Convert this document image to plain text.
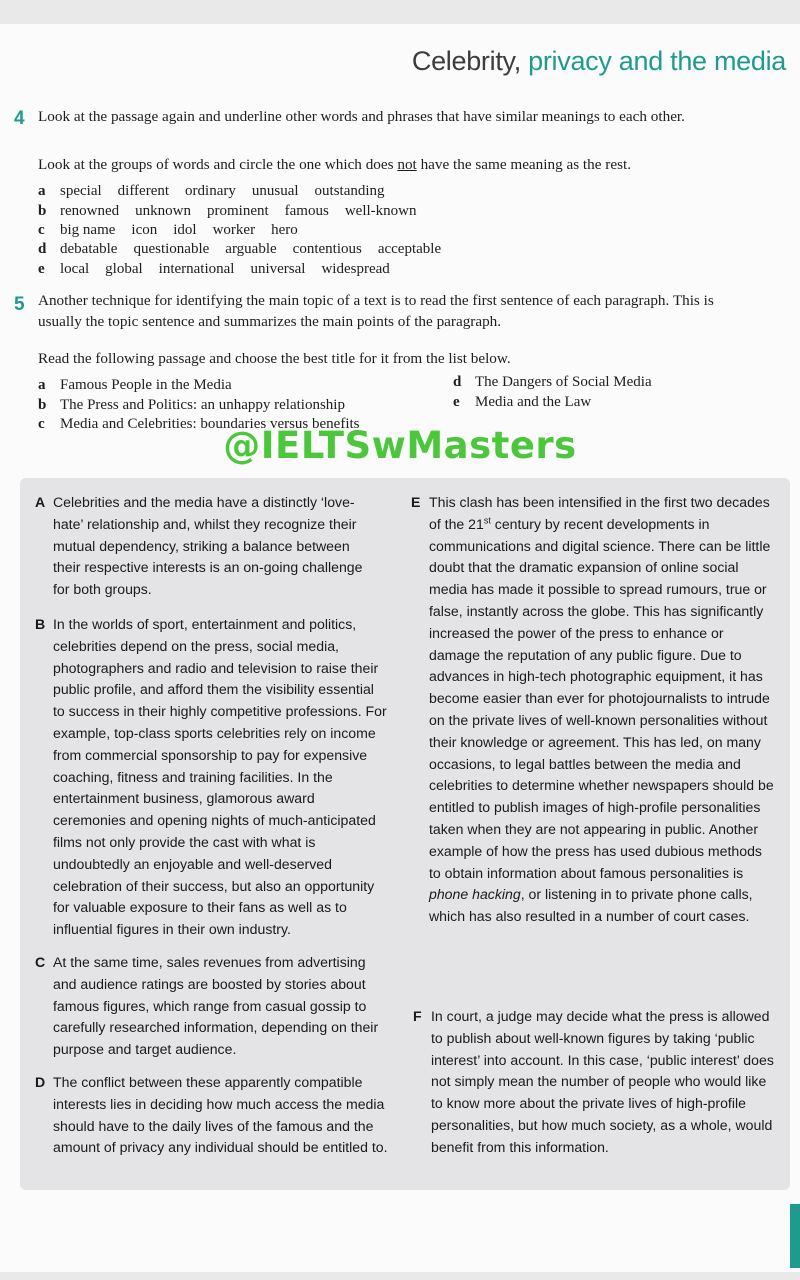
Celebrity, privacy and the media
4 Look at the passage again and underline other words and phrases that have similar meanings to each other.

Look at the groups of words and circle the one which does not have the same meaning as the rest.

a special different ordinary unusual outstanding
b renowned unknown prominent famous well-known
c big name icon idol worker hero
d debatable questionable arguable contentious acceptable
e local global international universal widespread
5 Another technique for identifying the main topic of a text is to read the first sentence of each paragraph. This is usually the topic sentence and summarizes the main points of the paragraph.

Read the following passage and choose the best title for it from the list below.

a Famous People in the Media
b The Press and Politics: an unhappy relationship
c Media and Celebrities: boundaries versus benefits
d The Dangers of Social Media
e Media and the Law
A Celebrities and the media have a distinctly ‘love-hate’ relationship and, whilst they recognize their mutual dependency, striking a balance between their respective interests is an on-going challenge for both groups.

B In the worlds of sport, entertainment and politics, celebrities depend on the press, social media, photographers and radio and television to raise their public profile, and afford them the visibility essential to success in their highly competitive professions. For example, top-class sports celebrities rely on income from commercial sponsorship to pay for expensive coaching, fitness and training facilities. In the entertainment business, glamorous award ceremonies and opening nights of much-anticipated films not only provide the cast with what is undoubtedly an enjoyable and well-deserved celebration of their success, but also an opportunity for valuable exposure to their fans as well as to influential figures in their own industry.

C At the same time, sales revenues from advertising and audience ratings are boosted by stories about famous figures, which range from casual gossip to carefully researched information, depending on their purpose and target audience.

D The conflict between these apparently compatible interests lies in deciding how much access the media should have to the daily lives of the famous and the amount of privacy any individual should be entitled to.

E This clash has been intensified in the first two decades of the 21st century by recent developments in communications and digital science. There can be little doubt that the dramatic expansion of online social media has made it possible to spread rumours, true or false, instantly across the globe. This has significantly increased the power of the press to enhance or damage the reputation of any public figure. Due to advances in high-tech photographic equipment, it has become easier than ever for photojournalists to intrude on the private lives of well-known personalities without their knowledge or agreement. This has led, on many occasions, to legal battles between the media and celebrities to determine whether newspapers should be entitled to publish images of high-profile personalities taken when they are not appearing in public. Another example of how the press has used dubious methods to obtain information about famous personalities is phone hacking, or listening in to private phone calls, which has also resulted in a number of court cases.

F In court, a judge may decide what the press is allowed to publish about well-known figures by taking ‘public interest’ into account. In this case, ‘public interest’ does not simply mean the number of people who would like to know more about the private lives of high-profile personalities, but how much society, as a whole, would benefit from this information.

@IELTSwMasters
